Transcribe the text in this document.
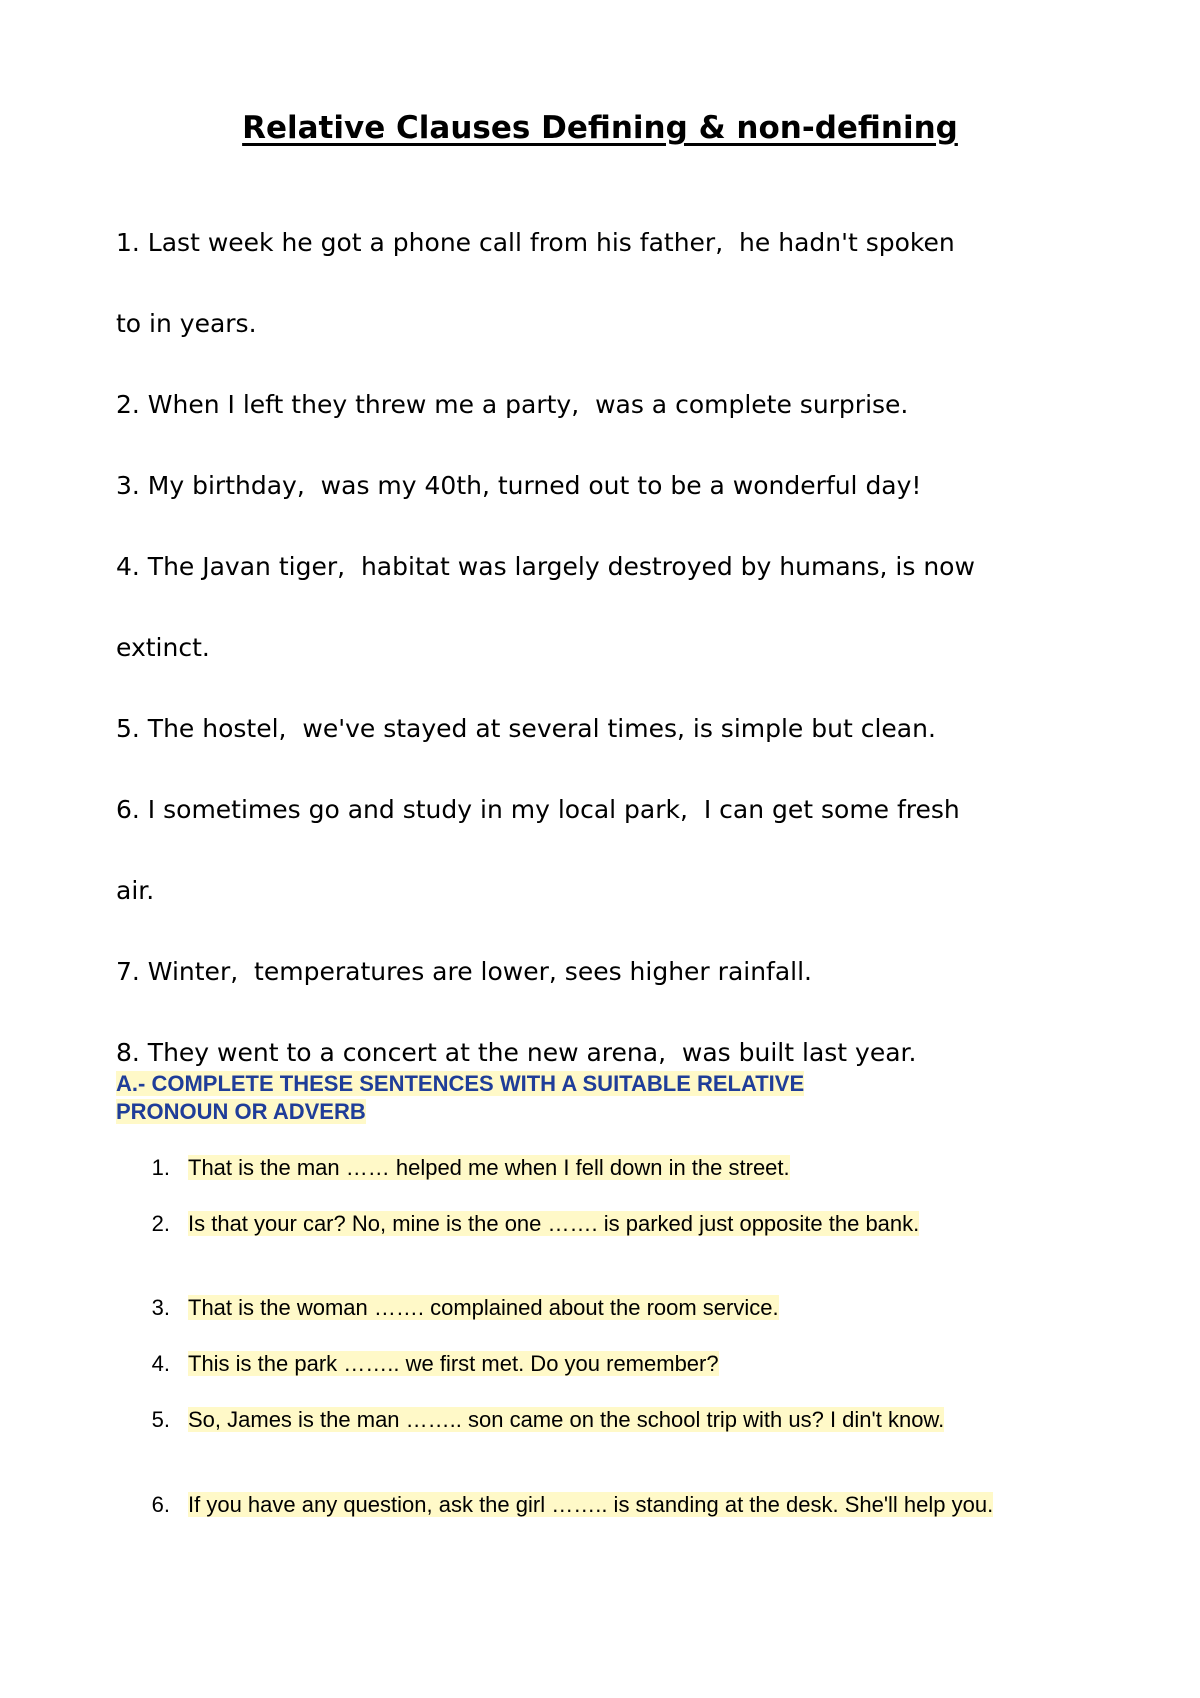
Relative Clauses Defining & non-defining
1. Last week he got a phone call from his father,  he hadn't spoken
to in years.
2. When I left they threw me a party,  was a complete surprise.
3. My birthday,  was my 40th, turned out to be a wonderful day!
4. The Javan tiger,  habitat was largely destroyed by humans, is now
extinct.
5. The hostel,  we've stayed at several times, is simple but clean.
6. I sometimes go and study in my local park,  I can get some fresh
air.
7. Winter,  temperatures are lower, sees higher rainfall.
8. They went to a concert at the new arena,  was built last year.
A.- COMPLETE THESE SENTENCES WITH A SUITABLE RELATIVE
PRONOUN OR ADVERB
1. That is the man …… helped me when I fell down in the street.
2. Is that your car? No, mine is the one ……. is parked just opposite the bank.
3. That is the woman ……. complained about the room service.
4. This is the park …….. we first met. Do you remember?
5. So, James is the man …….. son came on the school trip with us? I din't know.
6. If you have any question, ask the girl …….. is standing at the desk. She'll help you.
